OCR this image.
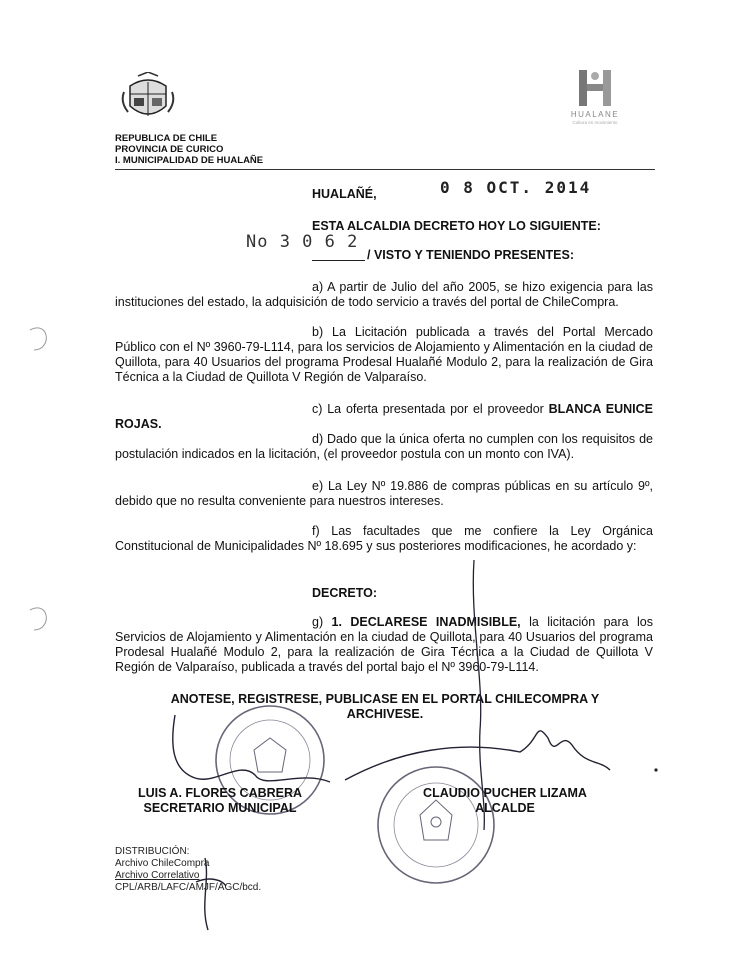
HUALANE
Cultura en movimiento
REPUBLICA DE CHILE
PROVINCIA DE CURICO
I. MUNICIPALIDAD DE HUALAÑE
HUALAÑÉ,	0 8 OCT. 2014
ESTA ALCALDIA DECRETO HOY LO SIGUIENTE:
No 3 0 6 2
/ VISTO Y TENIENDO PRESENTES:
a) A partir de Julio del año 2005, se hizo exigencia para las instituciones del estado, la adquisición de todo servicio a través del portal de ChileCompra.
b) La Licitación publicada a través del Portal Mercado Público con el Nº 3960-79-L114, para los servicios de Alojamiento y Alimentación en la ciudad de Quillota, para 40 Usuarios del programa Prodesal Hualañé Modulo 2, para la realización de Gira Técnica a la Ciudad de Quillota V Región de Valparaíso.
c) La oferta presentada por el proveedor BLANCA EUNICE ROJAS.
d) Dado que la única oferta no cumplen con los requisitos de postulación indicados en la licitación, (el proveedor postula con un monto con IVA).
e) La Ley Nº 19.886 de compras públicas en su artículo 9º, debido que no resulta conveniente para nuestros intereses.
f) Las facultades que me confiere la Ley Orgánica Constitucional de Municipalidades Nº 18.695 y sus posteriores modificaciones, he acordado y:
DECRETO:
g) 1. DECLARESE INADMISIBLE, la licitación para los Servicios de Alojamiento y Alimentación en la ciudad de Quillota, para 40 Usuarios del programa Prodesal Hualañé Modulo 2, para la realización de Gira Técnica a la Ciudad de Quillota V Región de Valparaíso, publicada a través del portal bajo el Nº 3960-79-L114.
ANOTESE, REGISTRESE, PUBLICASE EN EL PORTAL CHILECOMPRA Y
ARCHIVESE.
LUIS A. FLORES CABRERA
SECRETARIO MUNICIPAL
CLAUDIO PUCHER LIZAMA
ALCALDE
DISTRIBUCIÓN:
Archivo ChileCompra
Archivo Correlativo
CPL/ARB/LAFC/AMJF/AGC/bcd.
